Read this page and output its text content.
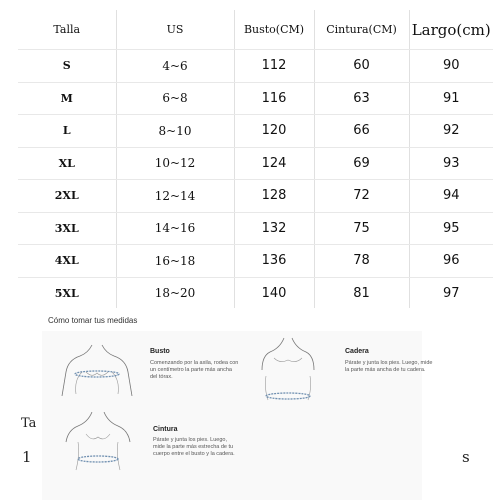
Talla	US	Busto(CM)	Cintura(CM)	Largo(cm)
S	4~6	112	60	90
M	6~8	116	63	91
L	8~10	120	66	92
XL	10~12	124	69	93
2XL	12~14	128	72	94
3XL	14~16	132	75	95
4XL	16~18	136	78	96
5XL	18~20	140	81	97
Cómo tomar tus medidas
Ta
1	s
Busto
Comenzando por la axila, rodea con un centímetro la parte más ancha del tórax.
Cadera
Párate y junta los pies. Luego, mide la parte más ancha de tu cadera.
Cintura
Párate y junta los pies. Luego, mide la parte más estrecha de tu cuerpo entre el busto y la cadera.
